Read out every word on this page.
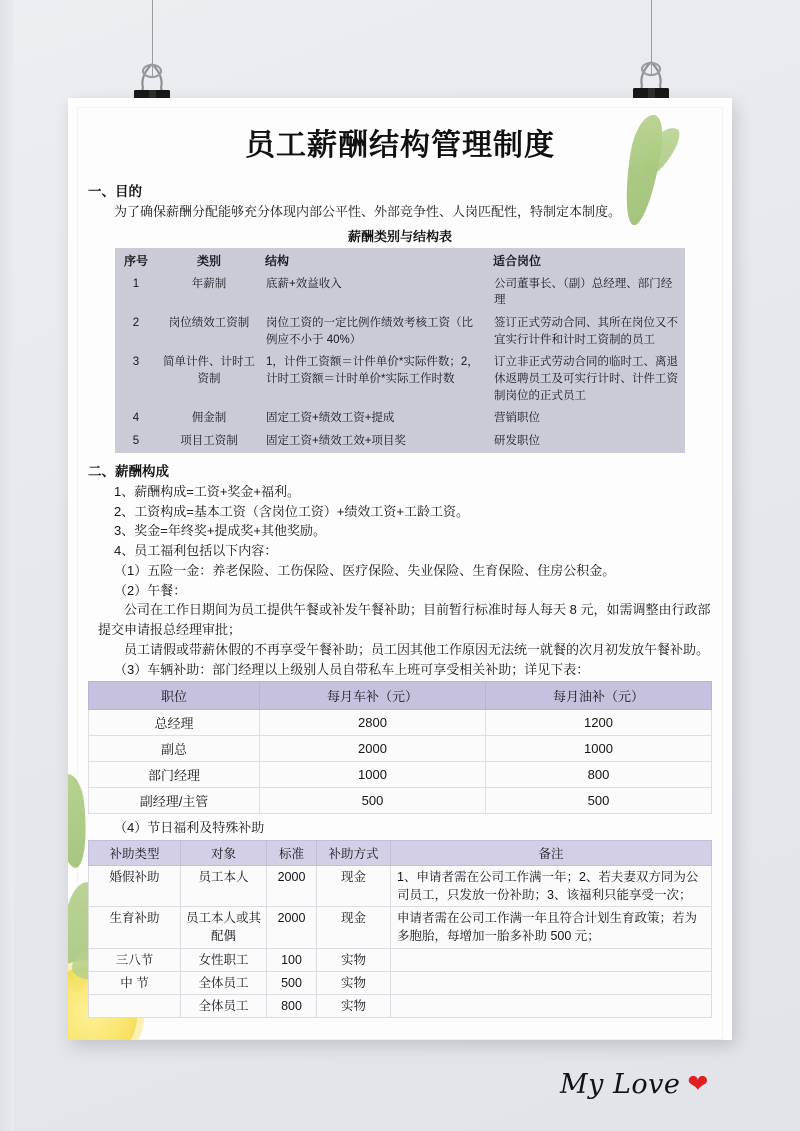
员工薪酬结构管理制度
一、目的
为了确保薪酬分配能够充分体现内部公平性、外部竞争性、人岗匹配性，特制定本制度。
薪酬类别与结构表
序号	类别	结构	适合岗位
1	年薪制	底薪+效益收入	公司董事长、（副）总经理、部门经理
2	岗位绩效工资制	岗位工资的一定比例作绩效考核工资（比例应不小于 40%）	签订正式劳动合同、其所在岗位又不宜实行计件和计时工资制的员工
3	简单计件、计时工资制	1，计件工资额＝计件单价*实际件数；2，计时工资额＝计时单价*实际工作时数	订立非正式劳动合同的临时工、离退休返聘员工及可实行计时、计件工资制岗位的正式员工
4	佣金制	固定工资+绩效工资+提成	营销职位
5	项目工资制	固定工资+绩效工效+项目奖	研发职位
二、薪酬构成
1、薪酬构成=工资+奖金+福利。
2、工资构成=基本工资（含岗位工资）+绩效工资+工龄工资。
3、奖金=年终奖+提成奖+其他奖励。
4、员工福利包括以下内容：
（1）五险一金：养老保险、工伤保险、医疗保险、失业保险、生育保险、住房公积金。
（2）午餐：
公司在工作日期间为员工提供午餐或补发午餐补助；目前暂行标准时每人每天 8 元，如需调整由行政部提交申请报总经理审批；
员工请假或带薪休假的不再享受午餐补助；员工因其他工作原因无法统一就餐的次月初发放午餐补助。
（3）车辆补助：部门经理以上级别人员自带私车上班可享受相关补助；详见下表：
职位	每月车补（元）	每月油补（元）
总经理	2800	1200
副总	2000	1000
部门经理	1000	800
副经理/主管	500	500
（4）节日福利及特殊补助
补助类型	对象	标准	补助方式	备注
婚假补助	员工本人	2000	现金	1、申请者需在公司工作满一年；2、若夫妻双方同为公司员工，只发放一份补助；3、该福利只能享受一次；
生育补助	员工本人或其配偶	2000	现金	申请者需在公司工作满一年且符合计划生育政策；若为多胞胎，每增加一胎多补助 500 元；
三八节	女性职工	100	实物	
中 节	全体员工	500	实物	
	全体员工	800	实物	
My Love ❤
